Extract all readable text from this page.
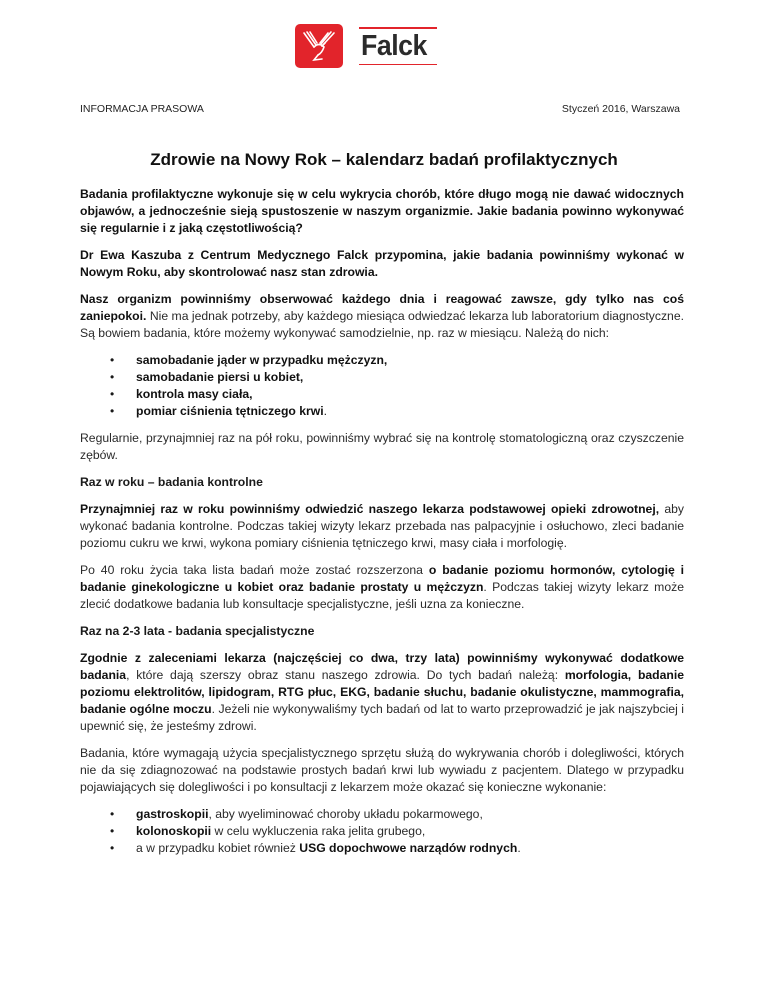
Falck
INFORMACJA PRASOWA	Styczeń 2016, Warszawa
Zdrowie na Nowy Rok – kalendarz badań profilaktycznych

Badania profilaktyczne wykonuje się w celu wykrycia chorób, które długo mogą nie dawać widocznych objawów, a jednocześnie sieją spustoszenie w naszym organizmie. Jakie badania powinno wykonywać się regularnie i z jaką częstotliwością?

Dr Ewa Kaszuba z Centrum Medycznego Falck przypomina, jakie badania powinniśmy wykonać w Nowym Roku, aby skontrolować nasz stan zdrowia.

Nasz organizm powinniśmy obserwować każdego dnia i reagować zawsze, gdy tylko nas coś zaniepokoi. Nie ma jednak potrzeby, aby każdego miesiąca odwiedzać lekarza lub laboratorium diagnostyczne. Są bowiem badania, które możemy wykonywać samodzielnie, np. raz w miesiącu. Należą do nich:

• samobadanie jąder w przypadku mężczyzn,
• samobadanie piersi u kobiet,
• kontrola masy ciała,
• pomiar ciśnienia tętniczego krwi.

Regularnie, przynajmniej raz na pół roku, powinniśmy wybrać się na kontrolę stomatologiczną oraz czyszczenie zębów.

Raz w roku – badania kontrolne

Przynajmniej raz w roku powinniśmy odwiedzić naszego lekarza podstawowej opieki zdrowotnej, aby wykonać badania kontrolne. Podczas takiej wizyty lekarz przebada nas palpacyjnie i osłuchowo, zleci badanie poziomu cukru we krwi, wykona pomiary ciśnienia tętniczego krwi, masy ciała i morfologię.

Po 40 roku życia taka lista badań może zostać rozszerzona o badanie poziomu hormonów, cytologię i badanie ginekologiczne u kobiet oraz badanie prostaty u mężczyzn. Podczas takiej wizyty lekarz może zlecić dodatkowe badania lub konsultacje specjalistyczne, jeśli uzna za konieczne.

Raz na 2-3 lata - badania specjalistyczne

Zgodnie z zaleceniami lekarza (najczęściej co dwa, trzy lata) powinniśmy wykonywać dodatkowe badania, które dają szerszy obraz stanu naszego zdrowia. Do tych badań należą: morfologia, badanie poziomu elektrolitów, lipidogram, RTG płuc, EKG, badanie słuchu, badanie okulistyczne, mammografia, badanie ogólne moczu. Jeżeli nie wykonywaliśmy tych badań od lat to warto przeprowadzić je jak najszybciej i upewnić się, że jesteśmy zdrowi.

Badania, które wymagają użycia specjalistycznego sprzętu służą do wykrywania chorób i dolegliwości, których nie da się zdiagnozować na podstawie prostych badań krwi lub wywiadu z pacjentem. Dlatego w przypadku pojawiających się dolegliwości i po konsultacji z lekarzem może okazać się konieczne wykonanie:

• gastroskopii, aby wyeliminować choroby układu pokarmowego,
• kolonoskopii w celu wykluczenia raka jelita grubego,
• a w przypadku kobiet również USG dopochwowe narządów rodnych.
